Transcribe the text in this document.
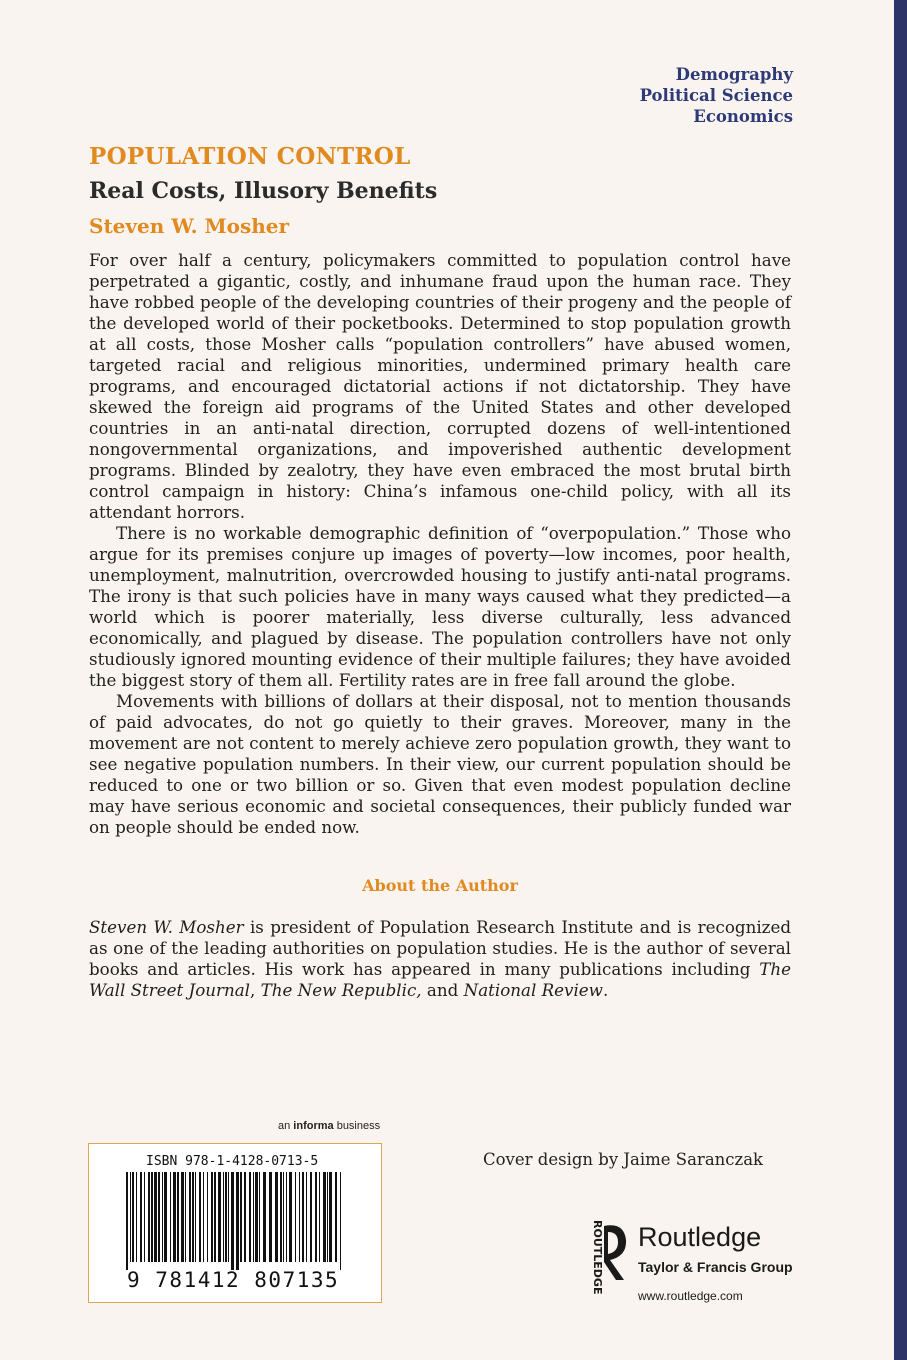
Demography
Political Science
Economics
POPULATION CONTROL
Real Costs, Illusory Benefits
Steven W. Mosher

For over half a century, policymakers committed to population control have perpetrated a gigantic, costly, and inhumane fraud upon the human race. They have robbed people of the developing countries of their progeny and the people of the developed world of their pocketbooks. Determined to stop population growth at all costs, those Mosher calls “population controllers” have abused women, targeted racial and religious minorities, undermined primary health care programs, and encouraged dictatorial actions if not dictatorship. They have skewed the foreign aid programs of the United States and other developed countries in an anti-natal direction, corrupted dozens of well-intentioned nongovernmental organizations, and impoverished authentic development programs. Blinded by zealotry, they have even embraced the most brutal birth control campaign in history: China’s infamous one-child policy, with all its attendant horrors.

There is no workable demographic definition of “overpopulation.” Those who argue for its premises conjure up images of poverty—low incomes, poor health, unemployment, malnutrition, overcrowded housing to justify anti-natal programs. The irony is that such policies have in many ways caused what they predicted—a world which is poorer materially, less diverse culturally, less advanced economically, and plagued by disease. The population controllers have not only studiously ignored mounting evidence of their multiple failures; they have avoided the biggest story of them all. Fertility rates are in free fall around the globe.

Movements with billions of dollars at their disposal, not to mention thousands of paid advocates, do not go quietly to their graves. Moreover, many in the movement are not content to merely achieve zero population growth, they want to see negative population numbers. In their view, our current population should be reduced to one or two billion or so. Given that even modest population decline may have serious economic and societal consequences, their publicly funded war on people should be ended now.

About the Author

Steven W. Mosher is president of Population Research Institute and is recognized as one of the leading authorities on population studies. He is the author of several books and articles. His work has appeared in many publications including The Wall Street Journal, The New Republic, and National Review.

an informa business
ISBN 978-1-4128-0713-5
9 781412 807135
Cover design by Jaime Saranczak
ROUTLEDGE Routledge
Taylor & Francis Group
www.routledge.com
